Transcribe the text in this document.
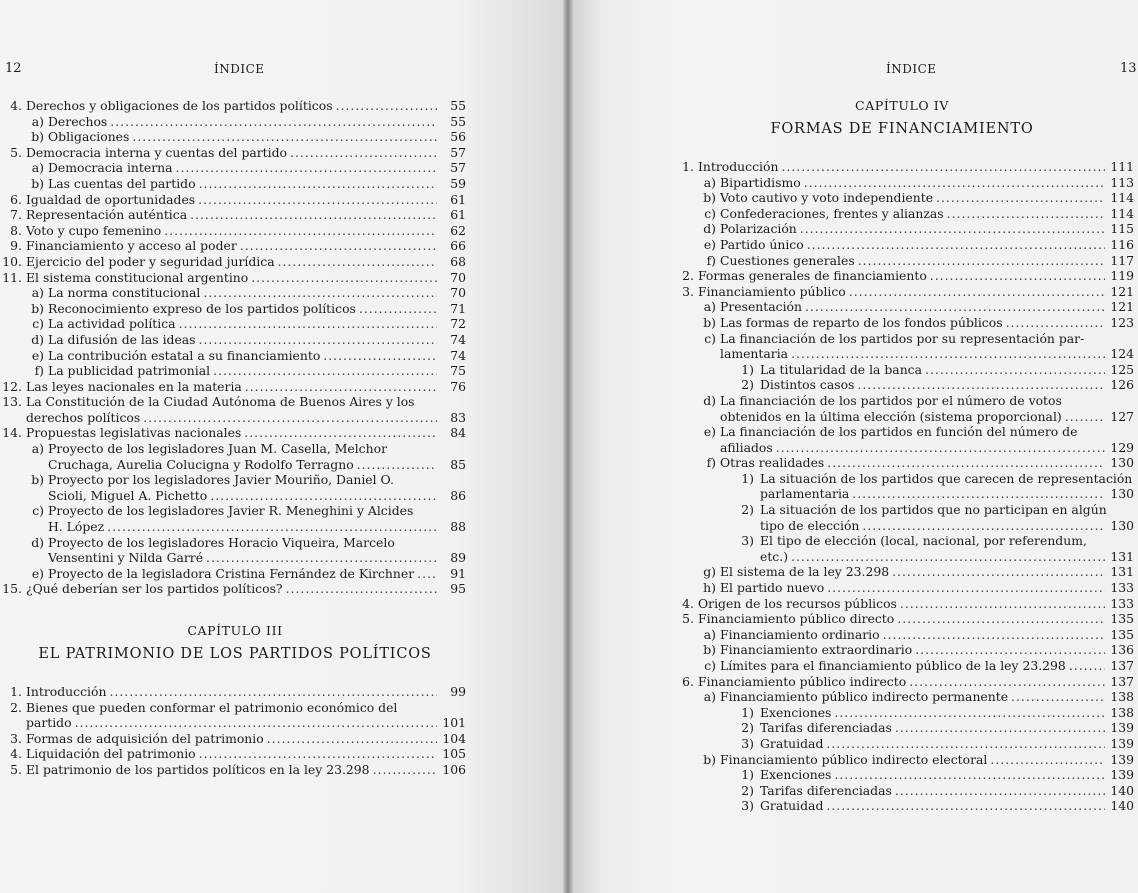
12	ÍNDICE
4. Derechos y obligaciones de los partidos políticos .....	55
a) Derechos .....	55
b) Obligaciones .....	56
5. Democracia interna y cuentas del partido .....	57
a) Democracia interna .....	57
b) Las cuentas del partido .....	59
6. Igualdad de oportunidades .....	61
7. Representación auténtica .....	61
8. Voto y cupo femenino .....	62
9. Financiamiento y acceso al poder .....	66
10. Ejercicio del poder y seguridad jurídica .....	68
11. El sistema constitucional argentino .....	70
a) La norma constitucional .....	70
b) Reconocimiento expreso de los partidos políticos .....	71
c) La actividad política .....	72
d) La difusión de las ideas .....	74
e) La contribución estatal a su financiamiento .....	74
f) La publicidad patrimonial .....	75
12. Las leyes nacionales en la materia .....	76
13. La Constitución de la Ciudad Autónoma de Buenos Aires y los
derechos políticos .....	83
14. Propuestas legislativas nacionales .....	84
a) Proyecto de los legisladores Juan M. Casella, Melchor
Cruchaga, Aurelia Colucigna y Rodolfo Terragno .....	85
b) Proyecto por los legisladores Javier Mouriño, Daniel O.
Scioli, Miguel A. Pichetto .....	86
c) Proyecto de los legisladores Javier R. Meneghini y Alcides
H. López .....	88
d) Proyecto de los legisladores Horacio Viqueira, Marcelo
Vensentini y Nilda Garré .....	89
e) Proyecto de la legisladora Cristina Fernández de Kirchner .....	91
15. ¿Qué deberían ser los partidos políticos? .....	95
CAPÍTULO III
EL PATRIMONIO DE LOS PARTIDOS POLÍTICOS
1. Introducción .....	99
2. Bienes que pueden conformar el patrimonio económico del
partido .....	101
3. Formas de adquisición del patrimonio .....	104
4. Liquidación del patrimonio .....	105
5. El patrimonio de los partidos políticos en la ley 23.298 .....	106
ÍNDICE	13
CAPÍTULO IV
FORMAS DE FINANCIAMIENTO
1. Introducción .....	111
a) Bipartidismo .....	113
b) Voto cautivo y voto independiente .....	114
c) Confederaciones, frentes y alianzas .....	114
d) Polarización .....	115
e) Partido único .....	116
f) Cuestiones generales .....	117
2. Formas generales de financiamiento .....	119
3. Financiamiento público .....	121
a) Presentación .....	121
b) Las formas de reparto de los fondos públicos .....	123
c) La financiación de los partidos por su representación par-
lamentaria .....	124
1) La titularidad de la banca .....	125
2) Distintos casos .....	126
d) La financiación de los partidos por el número de votos
obtenidos en la última elección (sistema proporcional) .....	127
e) La financiación de los partidos en función del número de
afiliados .....	129
f) Otras realidades .....	130
1) La situación de los partidos que carecen de representación
parlamentaria .....	130
2) La situación de los partidos que no participan en algún
tipo de elección .....	130
3) El tipo de elección (local, nacional, por referendum,
etc.) .....	131
g) El sistema de la ley 23.298 .....	131
h) El partido nuevo .....	133
4. Origen de los recursos públicos .....	133
5. Financiamiento público directo .....	135
a) Financiamiento ordinario .....	135
b) Financiamiento extraordinario .....	136
c) Límites para el financiamiento público de la ley 23.298 .....	137
6. Financiamiento público indirecto .....	137
a) Financiamiento público indirecto permanente .....	138
1) Exenciones .....	138
2) Tarifas diferenciadas .....	139
3) Gratuidad .....	139
b) Financiamiento público indirecto electoral .....	139
1) Exenciones .....	139
2) Tarifas diferenciadas .....	140
3) Gratuidad .....	140
